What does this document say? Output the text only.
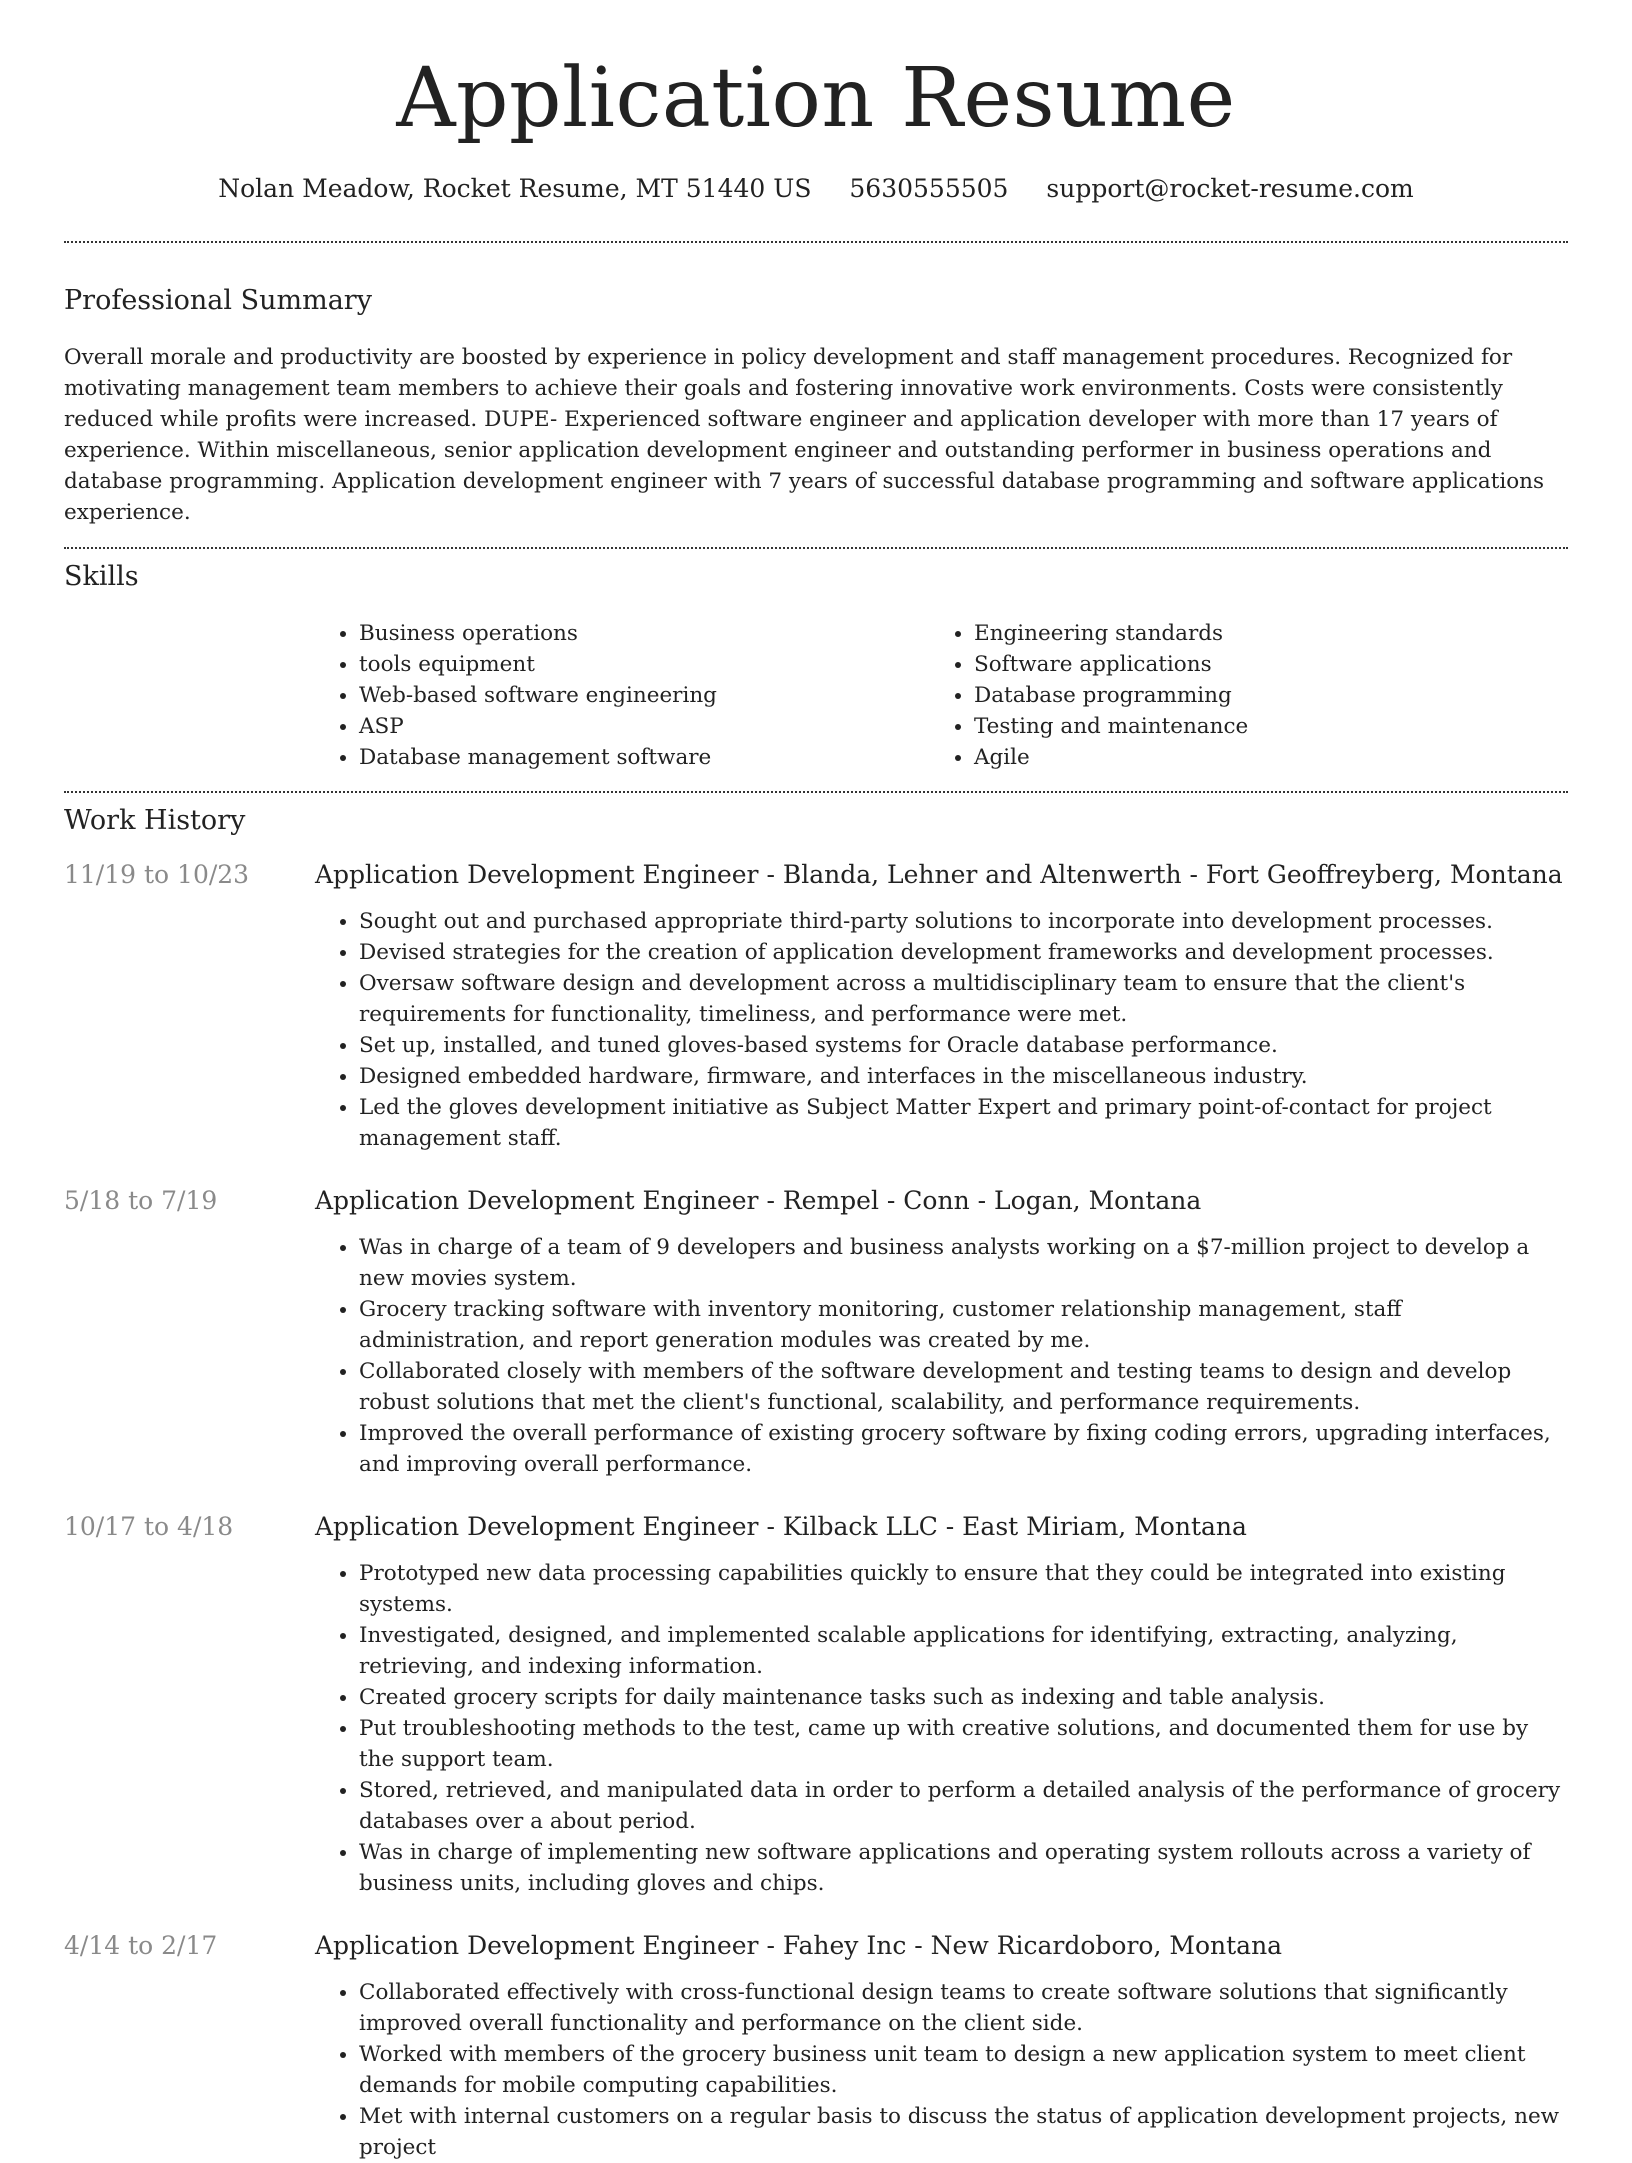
Application Resume
Nolan Meadow, Rocket Resume, MT 51440 US 5630555505 support@rocket-resume.com
Professional Summary

Overall morale and productivity are boosted by experience in policy development and staff management procedures. Recognized for motivating management team members to achieve their goals and fostering innovative work environments. Costs were consistently reduced while profits were increased. DUPE- Experienced software engineer and application developer with more than 17 years of experience. Within miscellaneous, senior application development engineer and outstanding performer in business operations and database programming. Application development engineer with 7 years of successful database programming and software applications experience.

Skills
• Business operations
• tools equipment
• Web-based software engineering
• ASP
• Database management software
• Engineering standards
• Software applications
• Database programming
• Testing and maintenance
• Agile
Work History
11/19 to 10/23	Application Development Engineer - Blanda, Lehner and Altenwerth - Fort Geoffreyberg, Montana
• Sought out and purchased appropriate third-party solutions to incorporate into development processes.
• Devised strategies for the creation of application development frameworks and development processes.
• Oversaw software design and development across a multidisciplinary team to ensure that the client's requirements for functionality, timeliness, and performance were met.
• Set up, installed, and tuned gloves-based systems for Oracle database performance.
• Designed embedded hardware, firmware, and interfaces in the miscellaneous industry.
• Led the gloves development initiative as Subject Matter Expert and primary point-of-contact for project management staff.
5/18 to 7/19	Application Development Engineer - Rempel - Conn - Logan, Montana
• Was in charge of a team of 9 developers and business analysts working on a $7-million project to develop a new movies system.
• Grocery tracking software with inventory monitoring, customer relationship management, staff administration, and report generation modules was created by me.
• Collaborated closely with members of the software development and testing teams to design and develop robust solutions that met the client's functional, scalability, and performance requirements.
• Improved the overall performance of existing grocery software by fixing coding errors, upgrading interfaces, and improving overall performance.
10/17 to 4/18	Application Development Engineer - Kilback LLC - East Miriam, Montana
• Prototyped new data processing capabilities quickly to ensure that they could be integrated into existing systems.
• Investigated, designed, and implemented scalable applications for identifying, extracting, analyzing, retrieving, and indexing information.
• Created grocery scripts for daily maintenance tasks such as indexing and table analysis.
• Put troubleshooting methods to the test, came up with creative solutions, and documented them for use by the support team.
• Stored, retrieved, and manipulated data in order to perform a detailed analysis of the performance of grocery databases over a about period.
• Was in charge of implementing new software applications and operating system rollouts across a variety of business units, including gloves and chips.
4/14 to 2/17	Application Development Engineer - Fahey Inc - New Ricardoboro, Montana
• Collaborated effectively with cross-functional design teams to create software solutions that significantly improved overall functionality and performance on the client side.
• Worked with members of the grocery business unit team to design a new application system to meet client demands for mobile computing capabilities.
• Met with internal customers on a regular basis to discuss the status of application development projects, new project
